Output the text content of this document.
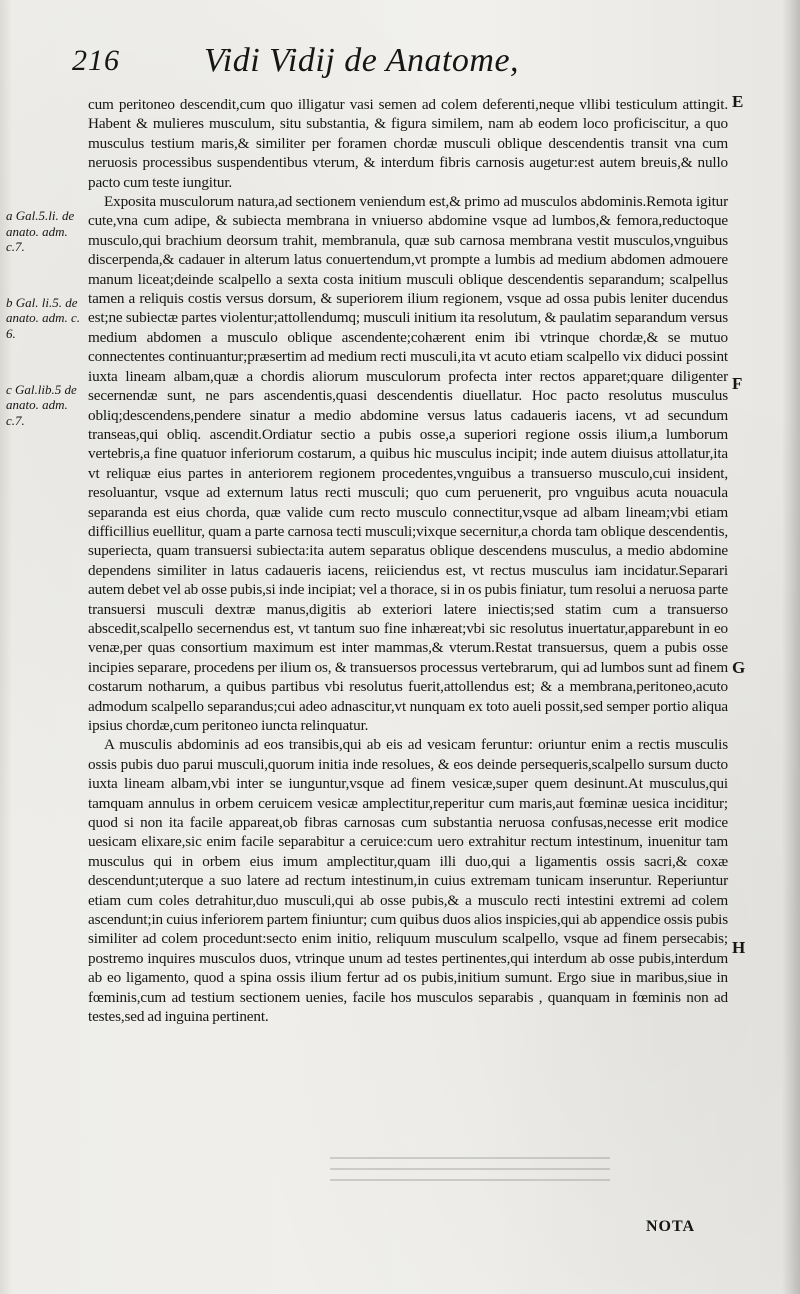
216 Vidi Vidij de Anatome,

a Gal.5.li. de anato. adm. c.7.

b Gal. li.5. de anato. adm. c. 6.

c Gal.lib.5 de anato. adm. c.7.

cum peritoneo descendit,cum quo illigatur vasi semen ad colem deferenti,neque vllibi testiculum attingit. Habent & mulieres musculum, situ substantia, & figura similem, nam ab eodem loco proficiscitur, a quo musculus testium maris,& similiter per foramen chordæ musculi oblique descendentis transit vna cum neruosis processibus suspendentibus vterum, & interdum fibris carnosis augetur:est autem breuis,& nullo pacto cum teste iungitur.

Exposita musculorum natura,ad sectionem veniendum est,& primo ad musculos abdominis.Remota igitur cute,vna cum adipe, & subiecta membrana in vniuerso abdomine vsque ad lumbos,& femora,reductoque musculo,qui brachium deorsum trahit, membranula, quæ sub carnosa membrana vestit musculos,vnguibus discerpenda,& cadauer in alterum latus conuertendum,vt prompte a lumbis ad medium abdomen admouere manum liceat;deinde scalpello a sexta costa initium musculi oblique descendentis separandum; scalpellus tamen a reliquis costis versus dorsum, & superiorem ilium regionem, vsque ad ossa pubis leniter ducendus est;ne subiectæ partes violentur;attollendumq; musculi initium ita resolutum, & paulatim separandum versus medium abdomen a musculo oblique ascendente;cohærent enim ibi vtrinque chordæ,& se mutuo connectentes continuantur;præsertim ad medium recti musculi,ita vt acuto etiam scalpello vix diduci possint iuxta lineam albam,quæ a chordis aliorum musculorum profecta inter rectos apparet;quare diligenter secernendæ sunt, ne pars ascendentis,quasi descendentis diuellatur. Hoc pacto resolutus musculus obliq;descendens,pendere sinatur a medio abdomine versus latus cadaueris iacens, vt ad secundum transeas,qui obliq. ascendit.Ordiatur sectio a pubis osse,a superiori regione ossis ilium,a lumborum vertebris,a fine quatuor inferiorum costarum, a quibus hic musculus incipit; inde autem diuisus attollatur,ita vt reliquæ eius partes in anteriorem regionem procedentes,vnguibus a transuerso musculo,cui insident, resoluantur, vsque ad externum latus recti musculi; quo cum peruenerit, pro vnguibus acuta nouacula separanda est eius chorda, quæ valide cum recto musculo connectitur,vsque ad albam lineam;vbi etiam difficillius euellitur, quam a parte carnosa tecti musculi;vixque secernitur,a chorda tam oblique descendentis, superiecta, quam transuersi subiecta:ita autem separatus oblique descendens musculus, a medio abdomine dependens similiter in latus cadaueris iacens, reiiciendus est, vt rectus musculus iam incidatur.Separari autem debet vel ab osse pubis,si inde incipiat; vel a thorace, si in os pubis finiatur, tum resolui a neruosa parte transuersi musculi dextræ manus,digitis ab exteriori latere iniectis;sed statim cum a transuerso abscedit,scalpello secernendus est, vt tantum suo fine inhæreat;vbi sic resolutus inuertatur,apparebunt in eo venæ,per quas consortium maximum est inter mammas,& vterum.Restat transuersus, quem a pubis osse incipies separare, procedens per ilium os, & transuersos processus vertebrarum, qui ad lumbos sunt ad finem costarum notharum, a quibus partibus vbi resolutus fuerit,attollendus est; & a membrana,peritoneo,acuto admodum scalpello separandus;cui adeo adnascitur,vt nunquam ex toto aueli possit,sed semper portio aliqua ipsius chordæ,cum peritoneo iuncta relinquatur.

A musculis abdominis ad eos transibis,qui ab eis ad vesicam feruntur: oriuntur enim a rectis musculis ossis pubis duo parui musculi,quorum initia inde resolues, & eos deinde persequeris,scalpello sursum ducto iuxta lineam albam,vbi inter se iunguntur,vsque ad finem vesicæ,super quem desinunt.At musculus,qui tamquam annulus in orbem ceruicem vesicæ amplectitur,reperitur cum maris,aut fœminæ uesica inciditur; quod si non ita facile appareat,ob fibras carnosas cum substantia neruosa confusas,necesse erit modice uesicam elixare,sic enim facile separabitur a ceruice:cum uero extrahitur rectum intestinum, inuenitur tam musculus qui in orbem eius imum amplectitur,quam illi duo,qui a ligamentis ossis sacri,& coxæ descendunt;uterque a suo latere ad rectum intestinum,in cuius extremam tunicam inseruntur. Reperiuntur etiam cum coles detrahitur,duo musculi,qui ab osse pubis,& a musculo recti intestini extremi ad colem ascendunt;in cuius inferiorem partem finiuntur; cum quibus duos alios inspicies,qui ab appendice ossis pubis similiter ad colem procedunt:secto enim initio, reliquum musculum scalpello, vsque ad finem persecabis; postremo inquires musculos duos, vtrinque unum ad testes pertinentes,qui interdum ab osse pubis,interdum ab eo ligamento, quod a spina ossis ilium fertur ad os pubis,initium sumunt. Ergo siue in maribus,siue in fœminis,cum ad testium sectionem uenies, facile hos musculos separabis , quanquam in fœminis non ad testes,sed ad inguina pertinent.

E
F
G
H
NOTA
